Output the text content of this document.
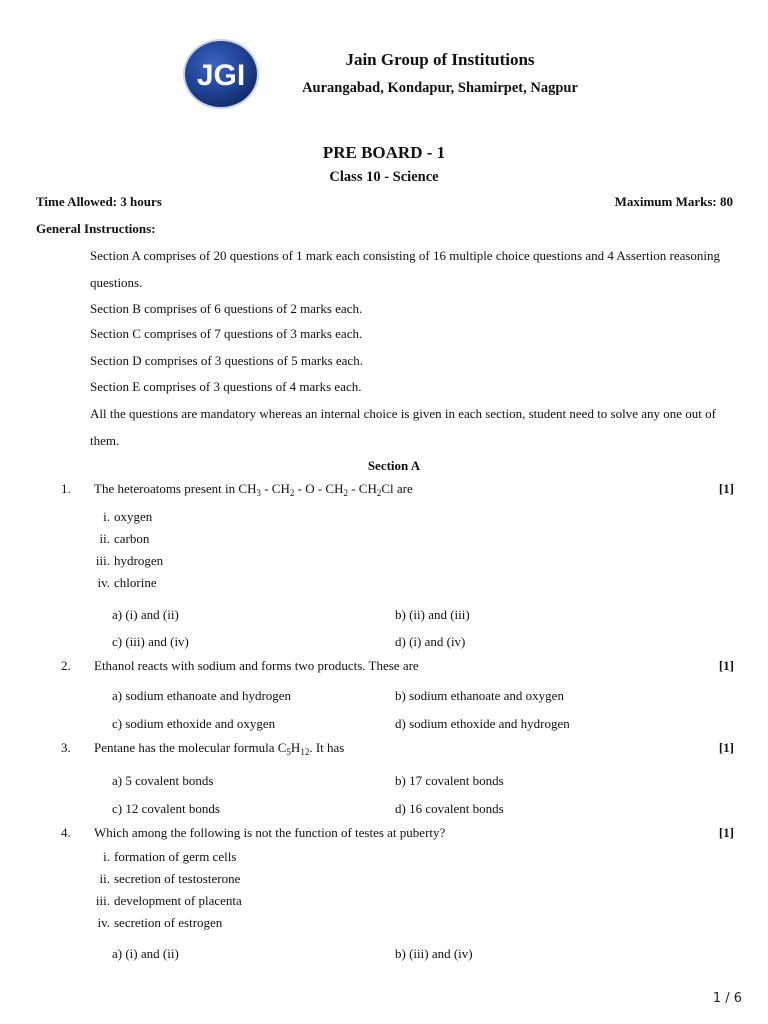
JGI	Jain Group of Institutions
Aurangabad, Kondapur, Shamirpet, Nagpur
PRE BOARD - 1
Class 10 - Science
Time Allowed: 3 hours	Maximum Marks: 80
General Instructions:
Section A comprises of 20 questions of 1 mark each consisting of 16 multiple choice questions and 4 Assertion reasoning questions.
Section B comprises of 6 questions of 2 marks each.
Section C comprises of 7 questions of 3 marks each.
Section D comprises of 3 questions of 5 marks each.
Section E comprises of 3 questions of 4 marks each.
All the questions are mandatory whereas an internal choice is given in each section, student need to solve any one out of them.
Section A
1. The heteroatoms present in $CH_3 - CH_2$ - O - $CH_2 - CH_2Cl$ are	[1]
i. oxygen
ii. carbon
iii. hydrogen
iv. chlorine
a) (i) and (ii)	b) (ii) and (iii)
c) (iii) and (iv)	d) (i) and (iv)
2. Ethanol reacts with sodium and forms two products. These are	[1]
a) sodium ethanoate and hydrogen	b) sodium ethanoate and oxygen
c) sodium ethoxide and oxygen	d) sodium ethoxide and hydrogen
3. Pentane has the molecular formula $C_5H_{12}$. It has	[1]
a) 5 covalent bonds	b) 17 covalent bonds
c) 12 covalent bonds	d) 16 covalent bonds
4. Which among the following is not the function of testes at puberty?	[1]
i. formation of germ cells
ii. secretion of testosterone
iii. development of placenta
iv. secretion of estrogen
a) (i) and (ii)	b) (iii) and (iv)
1 / 6
